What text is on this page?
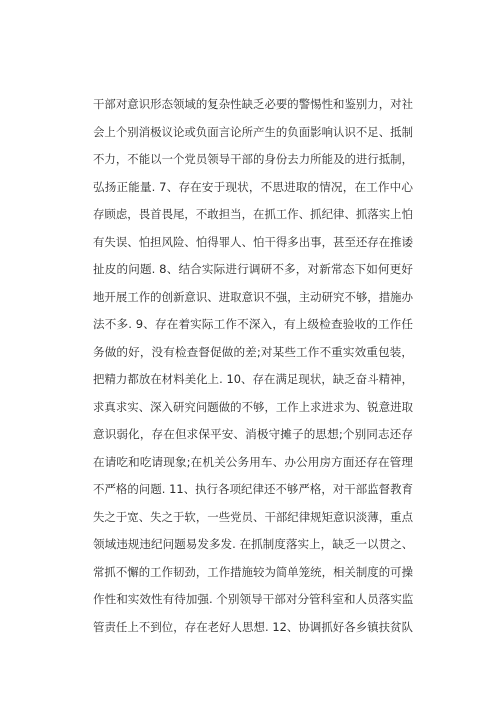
干部对意识形态领域的复杂性缺乏必要的警惕性和鉴别力，对社
会上个别消极议论或负面言论所产生的负面影响认识不足、抵制
不力，不能以一个党员领导干部的身份去力所能及的进行抵制，
弘扬正能量. 7、存在安于现状，不思进取的情况，在工作中心
存顾虑，畏首畏尾，不敢担当，在抓工作、抓纪律、抓落实上怕
有失误、怕担风险、怕得罪人、怕干得多出事，甚至还存在推诿
扯皮的问题. 8、结合实际进行调研不多，对新常态下如何更好
地开展工作的创新意识、进取意识不强，主动研究不够，措施办
法不多. 9、存在着实际工作不深入，有上级检查验收的工作任
务做的好，没有检查督促做的差;对某些工作不重实效重包装，
把精力都放在材料美化上. 10、存在满足现状，缺乏奋斗精神，
求真求实、深入研究问题做的不够，工作上求进求为、锐意进取
意识弱化，存在但求保平安、消极守摊子的思想;个别同志还存
在请吃和吃请现象;在机关公务用车、办公用房方面还存在管理
不严格的问题. 11、执行各项纪律还不够严格，对干部监督教育
失之于宽、失之于软，一些党员、干部纪律规矩意识淡薄，重点
领域违规违纪问题易发多发. 在抓制度落实上，缺乏一以贯之、
常抓不懈的工作韧劲，工作措施较为简单笼统，相关制度的可操
作性和实效性有待加强. 个别领导干部对分管科室和人员落实监
管责任上不到位，存在老好人思想. 12、协调抓好各乡镇扶贫队
